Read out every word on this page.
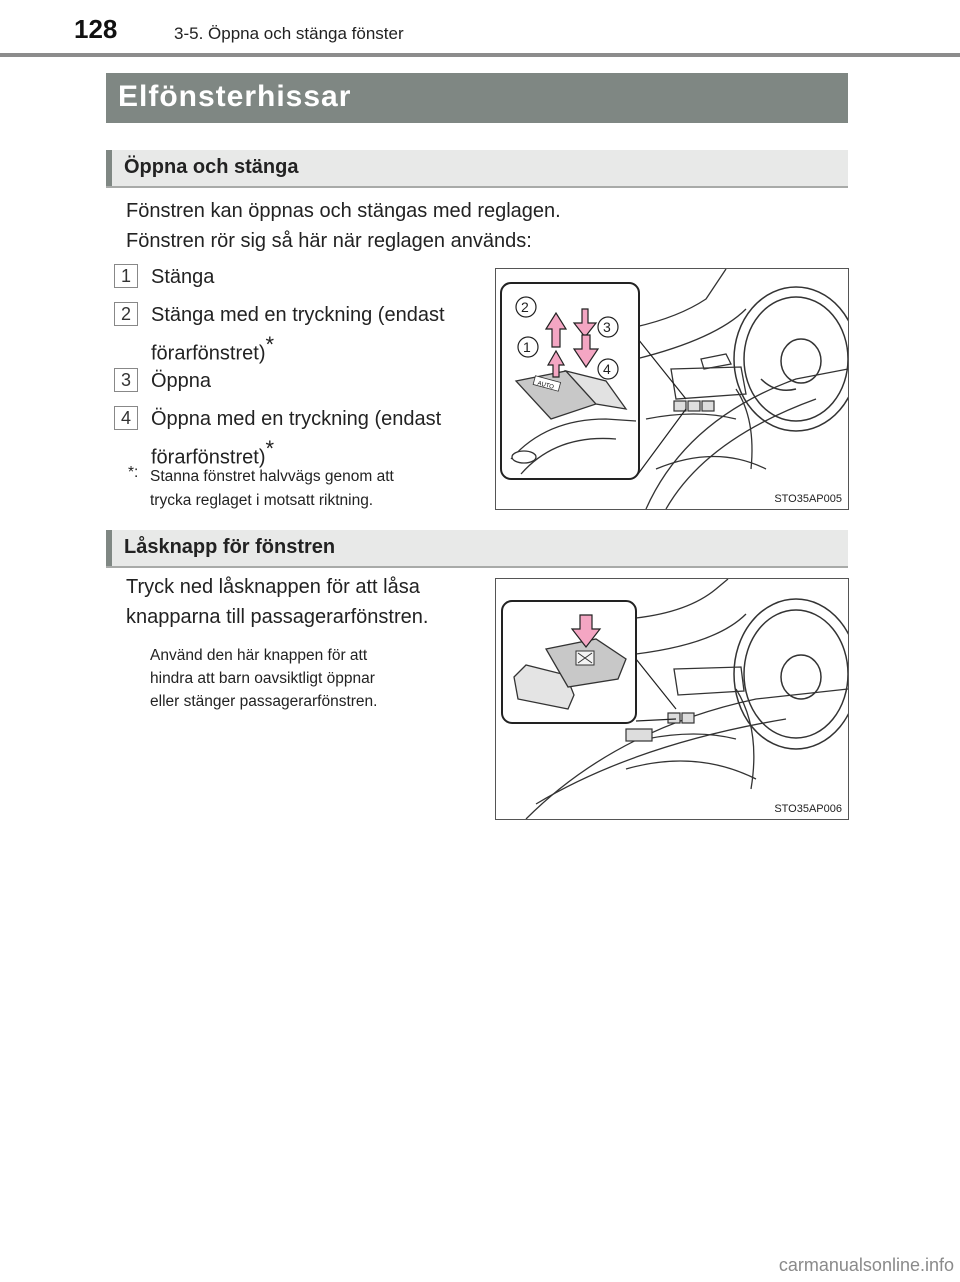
128	3-5. Öppna och stänga fönster
Elfönsterhissar
Öppna och stänga
Fönstren kan öppnas och stängas med reglagen.
Fönstren rör sig så här när reglagen används:
1	Stänga
2	Stänga med en tryckning (endast
förarfönstret)*
3	Öppna
4	Öppna med en tryckning (endast
förarfönstret)*
*: Stanna fönstret halvvägs genom att
trycka reglaget i motsatt riktning.
AUTO
2
3
1
4
STO35AP005
Låsknapp för fönstren
Tryck ned låsknappen för att låsa
knapparna till passagerarfönstren.
Använd den här knappen för att
hindra att barn oavsiktligt öppnar
eller stänger passagerarfönstren.
STO35AP006
carmanualsonline.info
